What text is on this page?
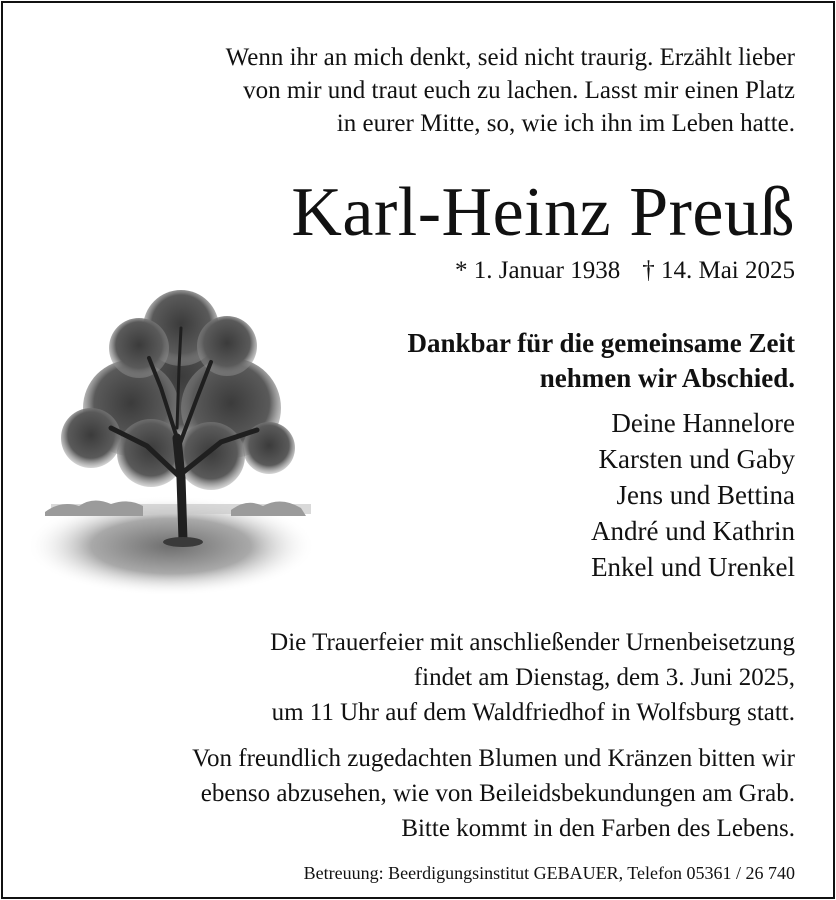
Wenn ihr an mich denkt, seid nicht traurig. Erzählt lieber
von mir und traut euch zu lachen. Lasst mir einen Platz
in eurer Mitte, so, wie ich ihn im Leben hatte.
Karl-Heinz Preuß
* 1. Januar 1938 † 14. Mai 2025
Dankbar für die gemeinsame Zeit
nehmen wir Abschied.
Deine Hannelore
Karsten und Gaby
Jens und Bettina
André und Kathrin
Enkel und Urenkel
Die Trauerfeier mit anschließender Urnenbeisetzung
findet am Dienstag, dem 3. Juni 2025,
um 11 Uhr auf dem Waldfriedhof in Wolfsburg statt.
Von freundlich zugedachten Blumen und Kränzen bitten wir
ebenso abzusehen, wie von Beileidsbekundungen am Grab.
Bitte kommt in den Farben des Lebens.
Betreuung: Beerdigungsinstitut GEBAUER, Telefon 05361 / 26 740
